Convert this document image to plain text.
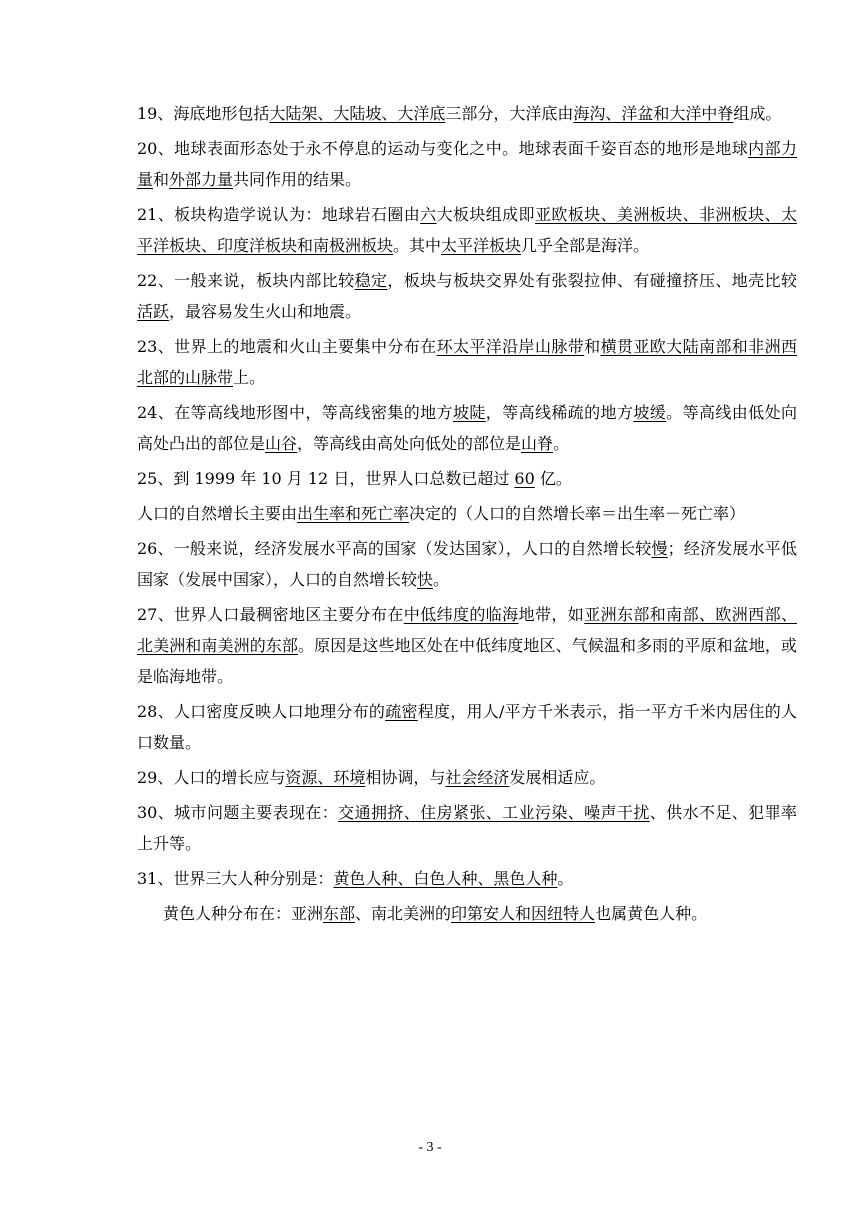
19、海底地形包括大陆架、大陆坡、大洋底三部分，大洋底由海沟、洋盆和大洋中脊组成。

20、地球表面形态处于永不停息的运动与变化之中。地球表面千姿百态的地形是地球内部力量和外部力量共同作用的结果。

21、板块构造学说认为：地球岩石圈由六大板块组成即亚欧板块、美洲板块、非洲板块、太平洋板块、印度洋板块和南极洲板块。其中太平洋板块几乎全部是海洋。

22、一般来说，板块内部比较稳定，板块与板块交界处有张裂拉伸、有碰撞挤压、地壳比较活跃，最容易发生火山和地震。

23、世界上的地震和火山主要集中分布在环太平洋沿岸山脉带和横贯亚欧大陆南部和非洲西北部的山脉带上。

24、在等高线地形图中，等高线密集的地方坡陡，等高线稀疏的地方坡缓。等高线由低处向高处凸出的部位是山谷，等高线由高处向低处的部位是山脊。

25、到 1999 年 10 月 12 日，世界人口总数已超过 60 亿。

人口的自然增长主要由出生率和死亡率决定的（人口的自然增长率＝出生率－死亡率）

26、一般来说，经济发展水平高的国家（发达国家），人口的自然增长较慢；经济发展水平低国家（发展中国家），人口的自然增长较快。

27、世界人口最稠密地区主要分布在中低纬度的临海地带，如亚洲东部和南部、欧洲西部、北美洲和南美洲的东部。原因是这些地区处在中低纬度地区、气候温和多雨的平原和盆地，或是临海地带。

28、人口密度反映人口地理分布的疏密程度，用人/平方千米表示，指一平方千米内居住的人口数量。

29、人口的增长应与资源、环境相协调，与社会经济发展相适应。

30、城市问题主要表现在：交通拥挤、住房紧张、工业污染、噪声干扰、供水不足、犯罪率上升等。

31、世界三大人种分别是：黄色人种、白色人种、黑色人种。

黄色人种分布在：亚洲东部、南北美洲的印第安人和因纽特人也属黄色人种。

- 3 -
